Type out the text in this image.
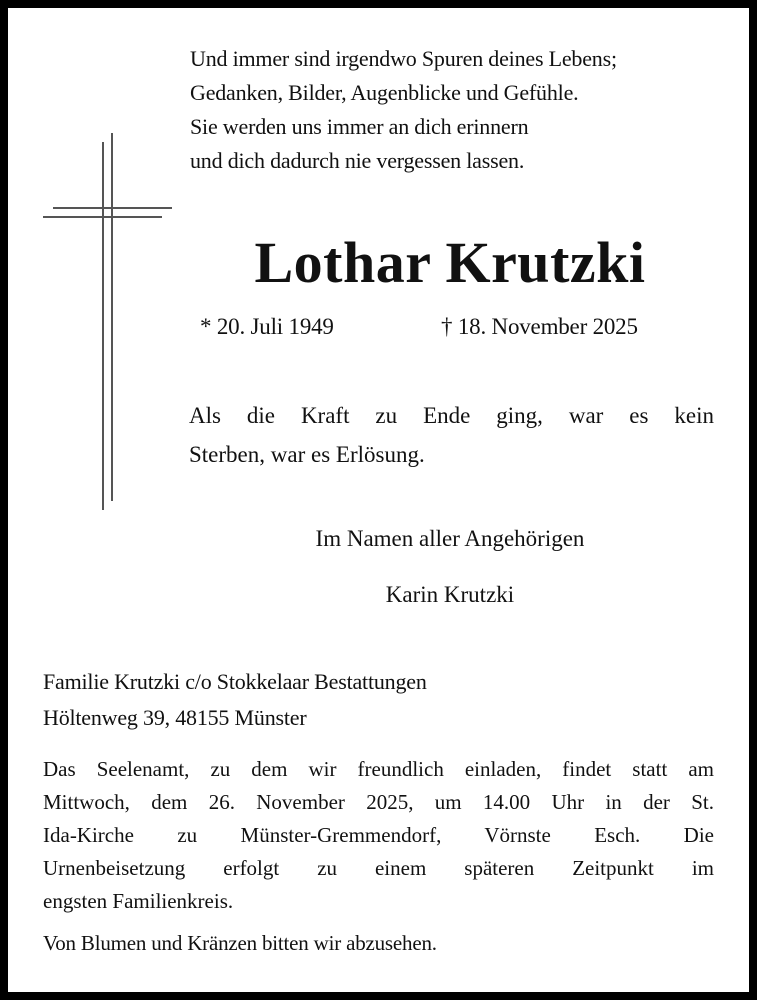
Und immer sind irgendwo Spuren deines Lebens;
Gedanken, Bilder, Augenblicke und Gefühle.
Sie werden uns immer an dich erinnern
und dich dadurch nie vergessen lassen.
Lothar Krutzki
* 20. Juli 1949	† 18. November 2025
Als die Kraft zu Ende ging, war es kein
Sterben, war es Erlösung.
Im Namen aller Angehörigen
Karin Krutzki
Familie Krutzki c/o Stokkelaar Bestattungen
Höltenweg 39, 48155 Münster
Das Seelenamt, zu dem wir freundlich einladen, findet statt am
Mittwoch, dem 26. November 2025, um 14.00 Uhr in der St.
Ida-Kirche zu Münster-Gremmendorf, Vörnste Esch. Die
Urnenbeisetzung erfolgt zu einem späteren Zeitpunkt im
engsten Familienkreis.
Von Blumen und Kränzen bitten wir abzusehen.
